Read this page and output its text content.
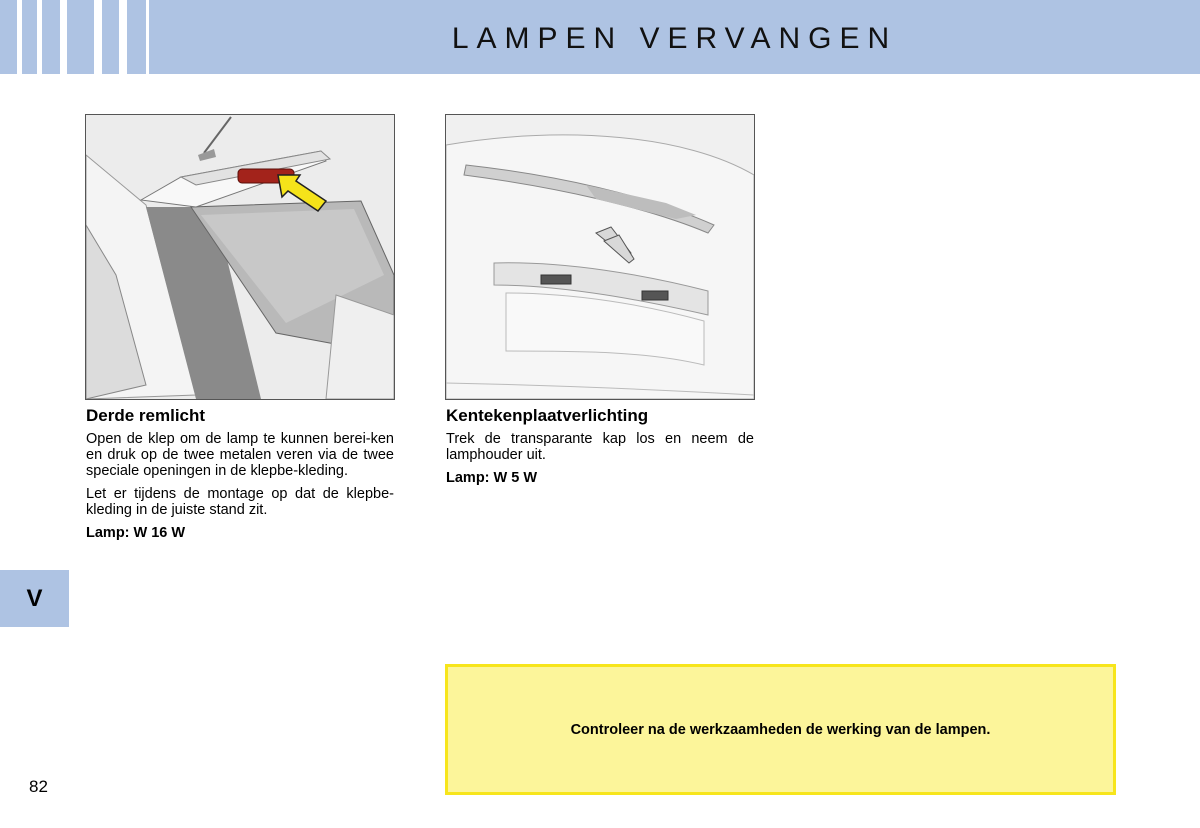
LAMPEN VERVANGEN
Derde remlicht

Open de klep om de lamp te kunnen berei-ken en druk op de twee metalen veren via de twee speciale openingen in de klepbe-kleding.

Let er tijdens de montage op dat de klepbe-kleding in de juiste stand zit.

Lamp: W 16 W
Kentekenplaatverlichting

Trek de transparante kap los en neem de lamphouder uit.

Lamp: W 5 W
V
Controleer na de werkzaamheden de werking van de lampen.
82
